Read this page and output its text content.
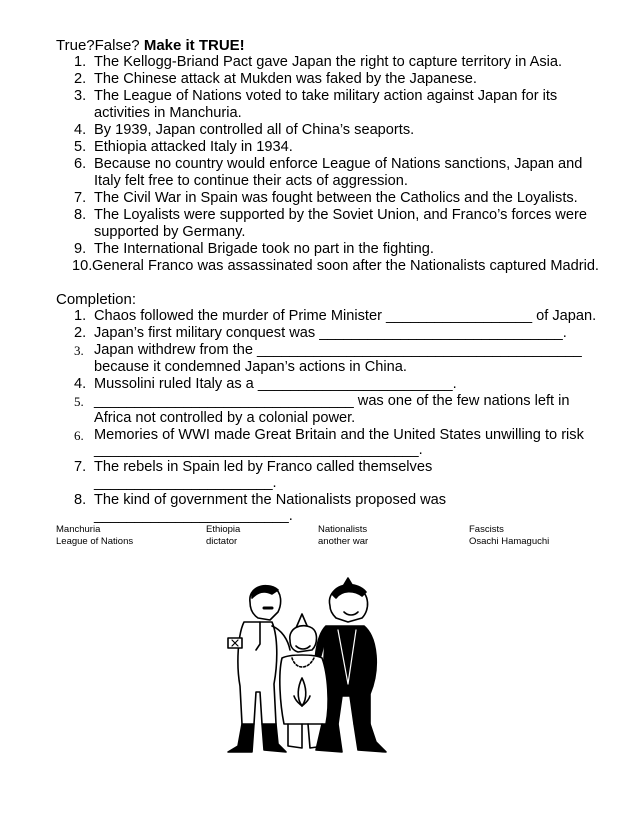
True?False? Make it TRUE!
1. The Kellogg-Briand Pact gave Japan the right to capture territory in Asia.
2. The Chinese attack at Mukden was faked by the Japanese.
3. The League of Nations voted to take military action against Japan for its
activities in Manchuria.
4. By 1939, Japan controlled all of China’s seaports.
5. Ethiopia attacked Italy in 1934.
6. Because no country would enforce League of Nations sanctions, Japan and
Italy felt free to continue their acts of aggression.
7. The Civil War in Spain was fought between the Catholics and the Loyalists.
8. The Loyalists were supported by the Soviet Union, and Franco’s forces were
supported by Germany.
9. The International Brigade took no part in the fighting.
10. General Franco was assassinated soon after the Nationalists captured Madrid.
Completion:
1. Chaos followed the murder of Prime Minister __________________ of Japan.
2. Japan’s first military conquest was ______________________________.
3. Japan withdrew from the ________________________________________
because it condemned Japan’s actions in China.
4. Mussolini ruled Italy as a ________________________.
5. ________________________________ was one of the few nations left in
Africa not controlled by a colonial power.
6. Memories of WWI made Great Britain and the United States unwilling to risk
________________________________________.
7. The rebels in Spain led by Franco called themselves
______________________.
8. The kind of government the Nationalists proposed was
________________________.
Manchuria
League of Nations
Ethiopia
dictator
Nationalists
another war
Fascists
Osachi Hamaguchi
